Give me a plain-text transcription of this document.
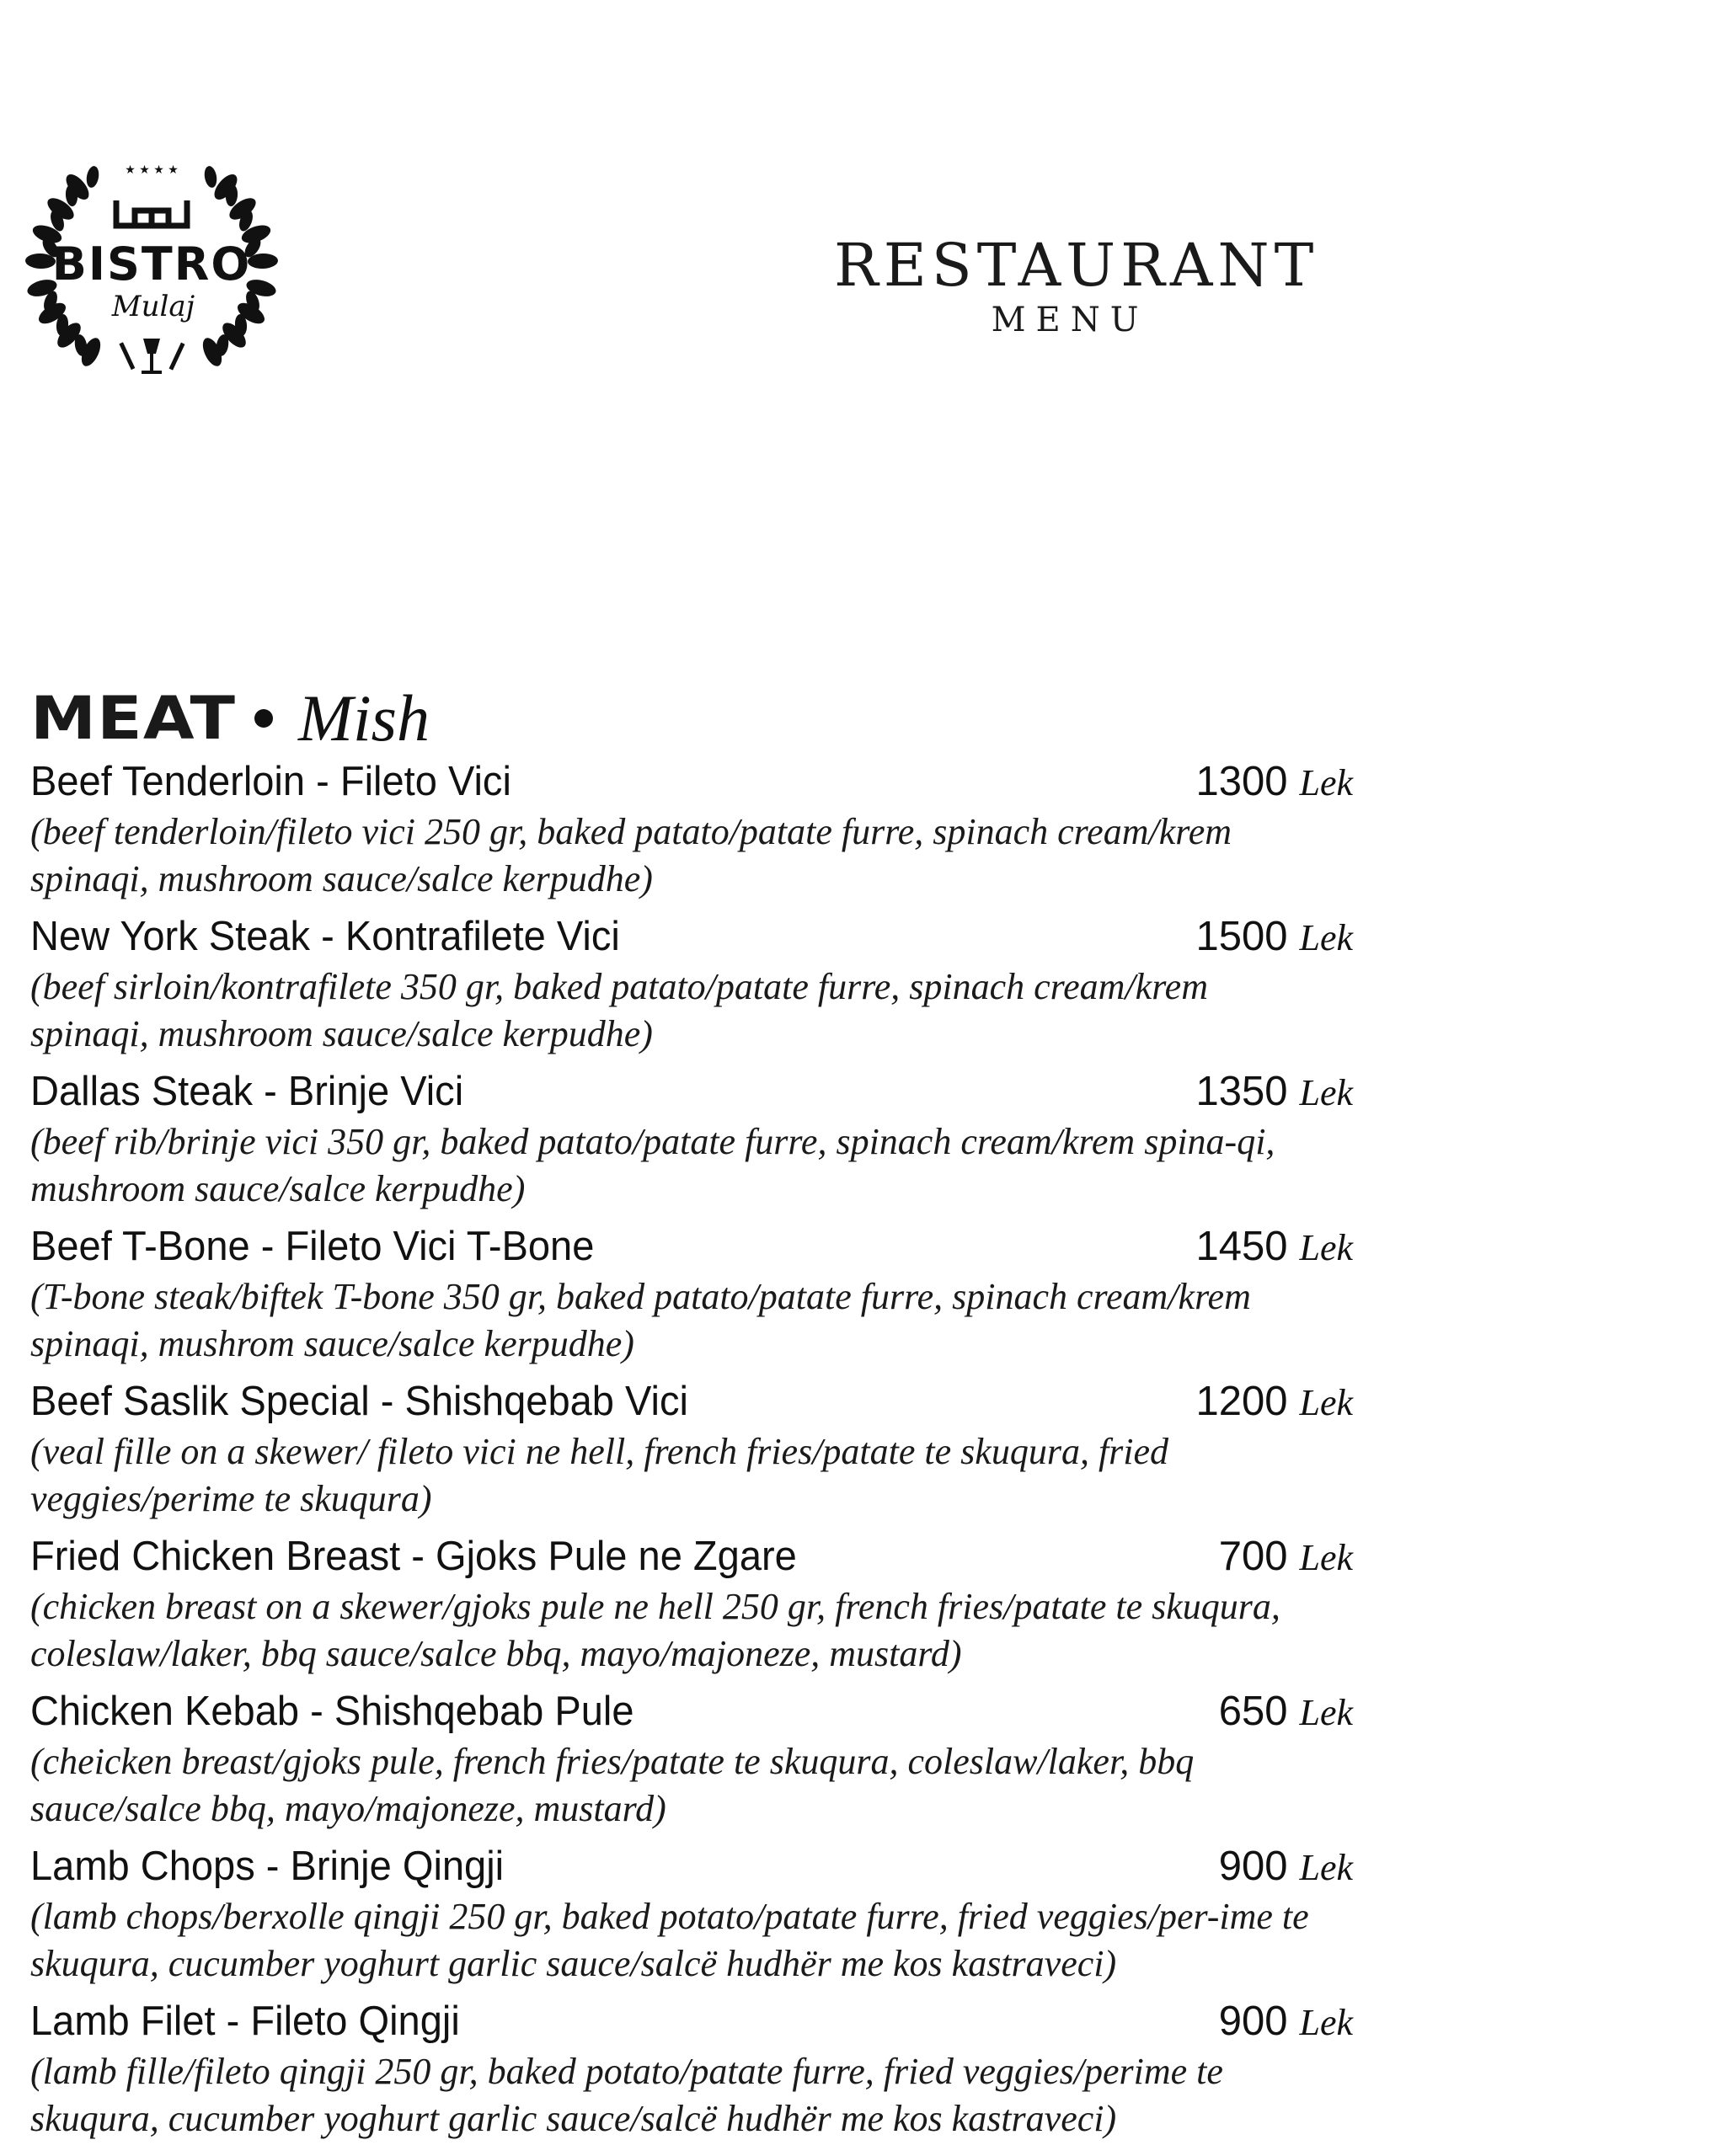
★ ★ ★ ★
BISTRO
Mulaj
RESTAURANT
MENU
MEAT Mish
Beef Tenderloin - Fileto Vici	1300 Lek
(beef tenderloin/fileto vici 250 gr, baked patato/patate furre, spinach cream/krem spinaqi, mushroom sauce/salce kerpudhe)
New York Steak - Kontrafilete Vici	1500 Lek
(beef sirloin/kontrafilete 350 gr, baked patato/patate furre, spinach cream/krem spinaqi, mushroom sauce/salce kerpudhe)
Dallas Steak - Brinje Vici	1350 Lek
(beef rib/brinje vici 350 gr, baked patato/patate furre, spinach cream/krem spina-qi, mushroom sauce/salce kerpudhe)
Beef T-Bone - Fileto Vici T-Bone	1450 Lek
(T-bone steak/biftek T-bone 350 gr, baked patato/patate furre, spinach cream/krem spinaqi, mushrom sauce/salce kerpudhe)
Beef Saslik Special - Shishqebab Vici	1200 Lek
(veal fille on a skewer/ fileto vici ne hell, french fries/patate te skuqura, fried veggies/perime te skuqura)
Fried Chicken Breast - Gjoks Pule ne Zgare	700 Lek
(chicken breast on a skewer/gjoks pule ne hell 250 gr, french fries/patate te skuqura, coleslaw/laker, bbq sauce/salce bbq, mayo/majoneze, mustard)
Chicken Kebab - Shishqebab Pule	650 Lek
(cheicken breast/gjoks pule, french fries/patate te skuqura, coleslaw/laker, bbq sauce/salce bbq, mayo/majoneze, mustard)
Lamb Chops - Brinje Qingji	900 Lek
(lamb chops/berxolle qingji 250 gr, baked potato/patate furre, fried veggies/per-ime te skuqura, cucumber yoghurt garlic sauce/salcë hudhër me kos kastraveci)
Lamb Filet - Fileto Qingji	900 Lek
(lamb fille/fileto qingji 250 gr, baked potato/patate furre, fried veggies/perime te skuqura, cucumber yoghurt garlic sauce/salcë hudhër me kos kastraveci)
